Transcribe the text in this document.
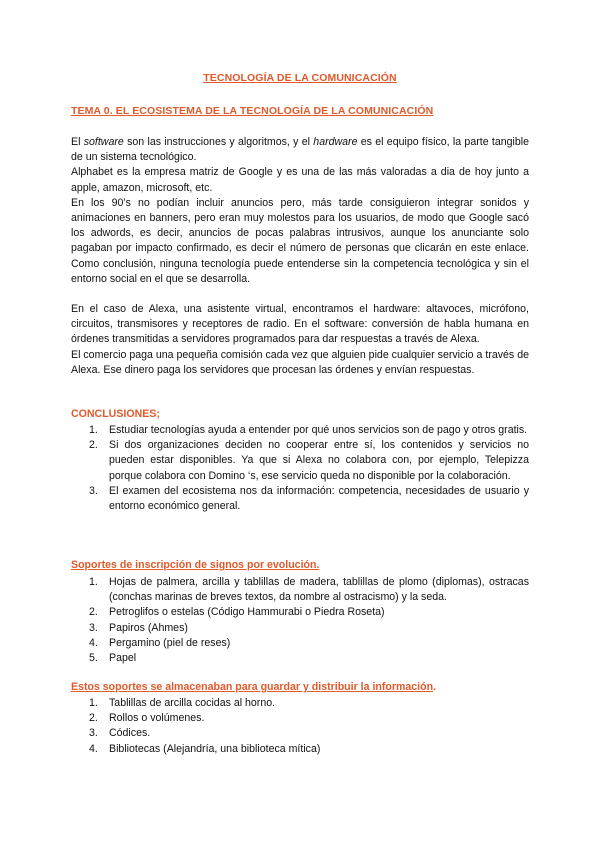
TECNOLOGÍA DE LA COMUNICACIÓN
TEMA 0. EL ECOSISTEMA DE LA TECNOLOGÍA DE LA COMUNICACIÓN

El software son las instrucciones y algoritmos, y el hardware es el equipo físico, la parte tangible de un sistema tecnológico.

Alphabet es la empresa matriz de Google y es una de las más valoradas a dia de hoy junto a apple, amazon, microsoft, etc.

En los 90’s no podían incluir anuncios pero, más tarde consiguieron integrar sonidos y animaciones en banners, pero eran muy molestos para los usuarios, de modo que Google sacó los adwords, es decir, anuncios de pocas palabras intrusivos, aunque los anunciante solo pagaban por impacto confirmado, es decir el número de personas que clicarán en este enlace. Como conclusión, ninguna tecnología puede entenderse sin la competencia tecnológica y sin el entorno social en el que se desarrolla.

En el caso de Alexa, una asistente virtual, encontramos el hardware: altavoces, micrófono, circuitos, transmisores y receptores de radio. En el software: conversión de habla humana en órdenes transmitidas a servidores programados para dar respuestas a través de Alexa.

El comercio paga una pequeña comisión cada vez que alguien pide cualquier servicio a través de Alexa. Ese dinero paga los servidores que procesan las órdenes y envían respuestas.

CONCLUSIONES;
1. Estudiar tecnologías ayuda a entender por qué unos servicios son de pago y otros gratis.
2. Si dos organizaciones deciden no cooperar entre sí, los contenidos y servicios no pueden estar disponibles. Ya que si Alexa no colabora con, por ejemplo, Telepizza porque colabora con Domino ‘s, ese servicio queda no disponible por la colaboración.
3. El examen del ecosistema nos da información: competencia, necesidades de usuario y entorno económico general.
Soportes de inscripción de signos por evolución.
1. Hojas de palmera, arcilla y tablillas de madera, tablillas de plomo (diplomas), ostracas (conchas marinas de breves textos, da nombre al ostracismo) y la seda.
2. Petroglifos o estelas (Código Hammurabi o Piedra Roseta)
3. Papiros (Ahmes)
4. Pergamino (piel de reses)
5. Papel
Estos soportes se almacenaban para guardar y distribuir la información.
1. Tablillas de arcilla cocidas al horno.
2. Rollos o volúmenes.
3. Códices.
4. Bibliotecas (Alejandría, una biblioteca mítica)
